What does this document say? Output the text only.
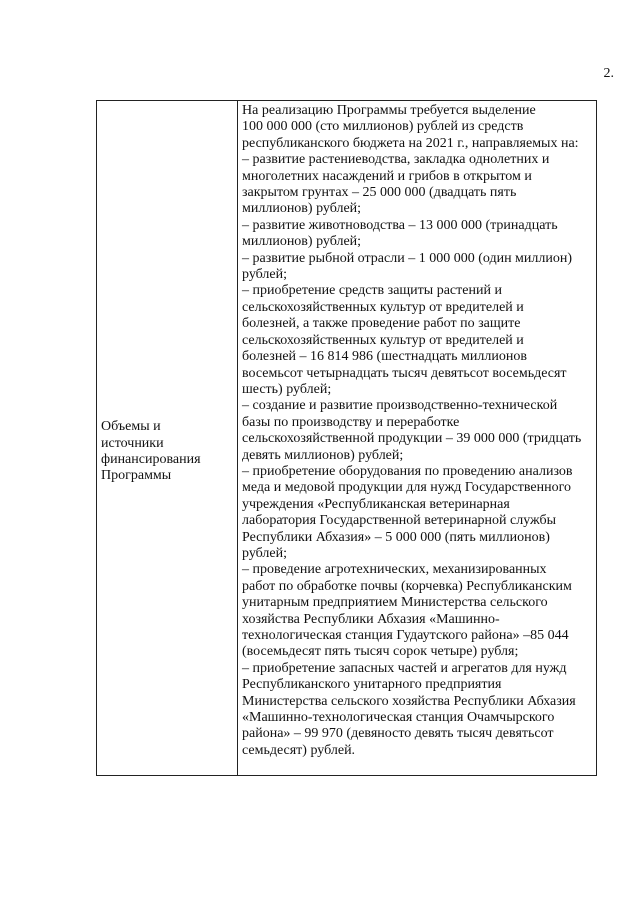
2.
Объемы и
источники
финансирования
Программы
На реализацию Программы требуется выделение
100 000 000 (сто миллионов) рублей из средств
республиканского бюджета на 2021 г., направляемых на:
– развитие растениеводства, закладка однолетних и
многолетних насаждений и грибов в открытом и
закрытом грунтах – 25 000 000 (двадцать пять
миллионов) рублей;
– развитие животноводства – 13 000 000 (тринадцать
миллионов) рублей;
– развитие рыбной отрасли – 1 000 000 (один миллион)
рублей;
– приобретение средств защиты растений и
сельскохозяйственных культур от вредителей и
болезней, а также проведение работ по защите
сельскохозяйственных культур от вредителей и
болезней – 16 814 986 (шестнадцать миллионов
восемьсот четырнадцать тысяч девятьсот восемьдесят
шесть) рублей;
– создание и развитие производственно-технической
базы по производству и переработке
сельскохозяйственной продукции – 39 000 000 (тридцать
девять миллионов) рублей;
– приобретение оборудования по проведению анализов
меда и медовой продукции для нужд Государственного
учреждения «Республиканская ветеринарная
лаборатория Государственной ветеринарной службы
Республики Абхазия» – 5 000 000 (пять миллионов)
рублей;
– проведение агротехнических, механизированных
работ по обработке почвы (корчевка) Республиканским
унитарным предприятием Министерства сельского
хозяйства Республики Абхазия «Машинно-
технологическая станция Гудаутского района» –85 044
(восемьдесят пять тысяч сорок четыре) рубля;
– приобретение запасных частей и агрегатов для нужд
Республиканского унитарного предприятия
Министерства сельского хозяйства Республики Абхазия
«Машинно-технологическая станция Очамчырского
района» – 99 970 (девяносто девять тысяч девятьсот
семьдесят) рублей.
